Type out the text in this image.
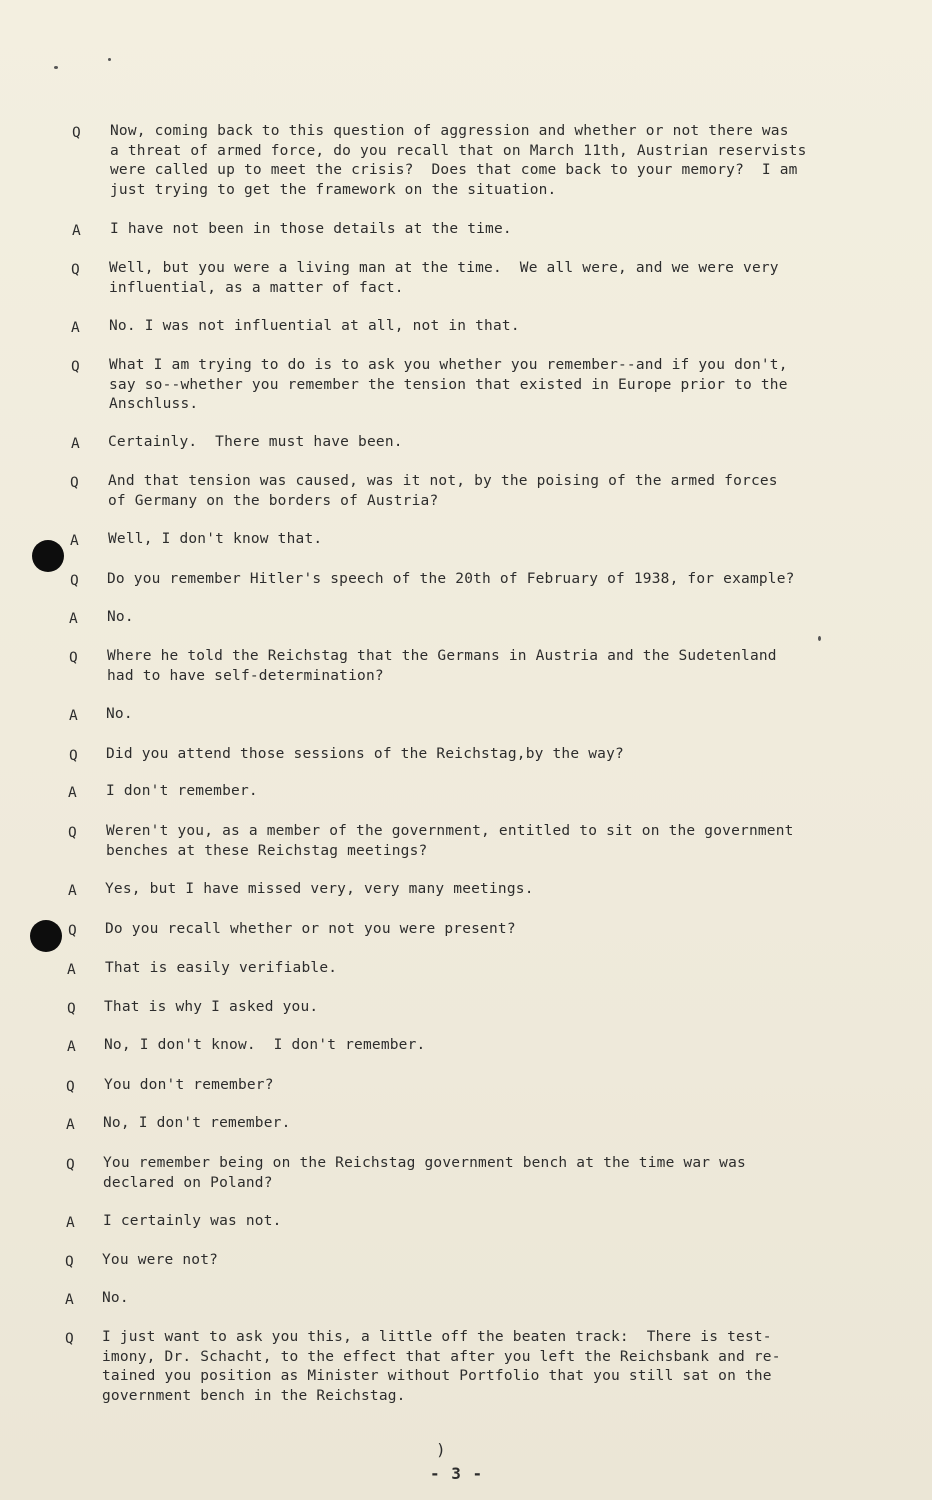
Q	Now, coming back to this question of aggression and whether or not there was
a threat of armed force, do you recall that on March 11th, Austrian reservists
were called up to meet the crisis?  Does that come back to your memory?  I am
just trying to get the framework on the situation.
A	I have not been in those details at the time.
Q	Well, but you were a living man at the time.  We all were, and we were very
influential, as a matter of fact.
A	No. I was not influential at all, not in that.
Q	What I am trying to do is to ask you whether you remember--and if you don't,
say so--whether you remember the tension that existed in Europe prior to the
Anschluss.
A	Certainly.  There must have been.
Q	And that tension was caused, was it not, by the poising of the armed forces
of Germany on the borders of Austria?
A	Well, I don't know that.
Q	Do you remember Hitler's speech of the 20th of February of 1938, for example?
A	No.
Q	Where he told the Reichstag that the Germans in Austria and the Sudetenland
had to have self-determination?
A	No.
Q	Did you attend those sessions of the Reichstag,by the way?
A	I don't remember.
Q	Weren't you, as a member of the government, entitled to sit on the government
benches at these Reichstag meetings?
A	Yes, but I have missed very, very many meetings.
Q	Do you recall whether or not you were present?
A	That is easily verifiable.
Q	That is why I asked you.
A	No, I don't know.  I don't remember.
Q	You don't remember?
A	No, I don't remember.
Q	You remember being on the Reichstag government bench at the time war was
declared on Poland?
A	I certainly was not.
Q	You were not?
A	No.
Q	I just want to ask you this, a little off the beaten track:  There is test-
imony, Dr. Schacht, to the effect that after you left the Reichsbank and re-
tained you position as Minister without Portfolio that you still sat on the
government bench in the Reichstag.
)
- 3 -
